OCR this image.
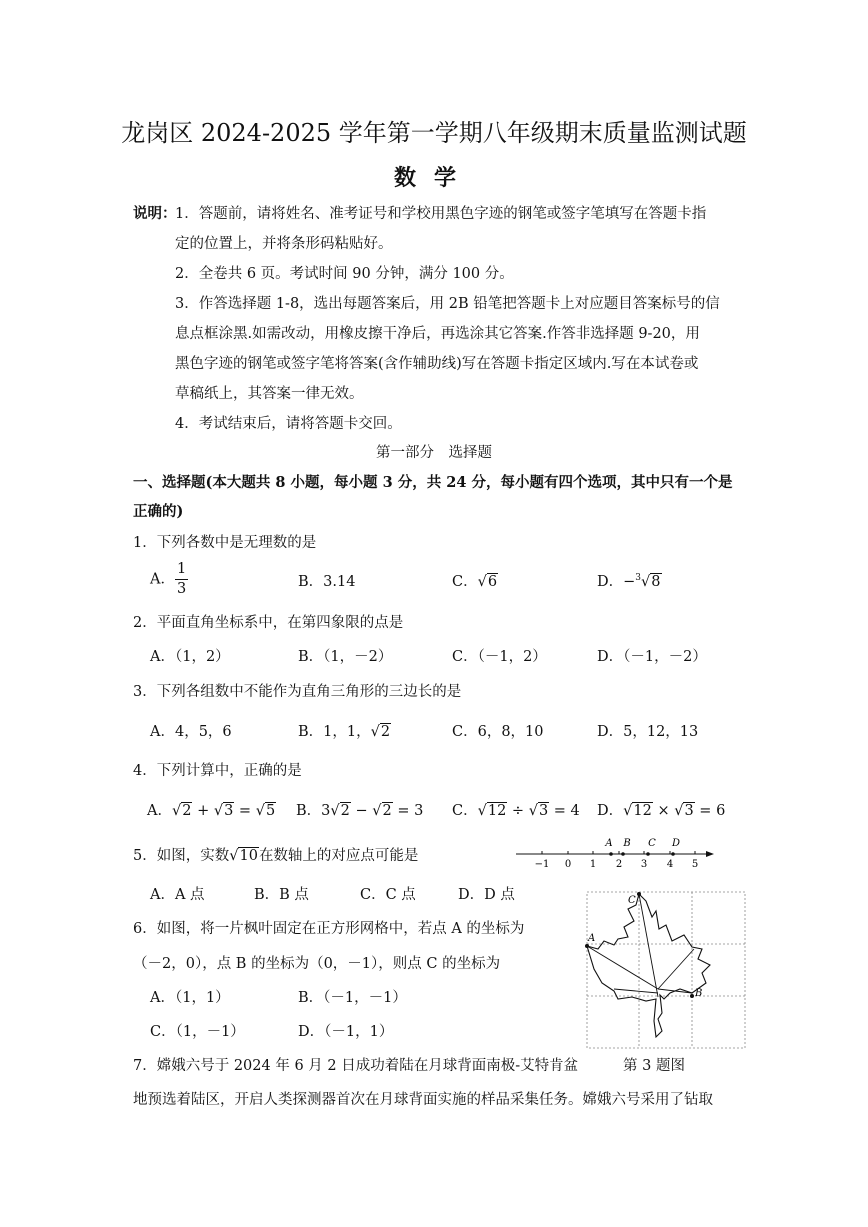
龙岗区 2024-2025 学年第一学期八年级期末质量监测试题
数学
说明：
1．答题前，请将姓名、准考证号和学校用黑色字迹的钢笔或签字笔填写在答题卡指
定的位置上，并将条形码粘贴好。
2．全卷共 6 页。考试时间 90 分钟，满分 100 分。
3．作答选择题 1-8，选出每题答案后，用 2B 铅笔把答题卡上对应题目答案标号的信
息点框涂黑.如需改动，用橡皮擦干净后，再选涂其它答案.作答非选择题 9-20，用
黑色字迹的钢笔或签字笔将答案(含作辅助线)写在答题卡指定区域内.写在本试卷或
草稿纸上，其答案一律无效。
4．考试结束后，请将答题卡交回。
第一部分　选择题
一、选择题(本大题共 8 小题，每小题 3 分，共 24 分，每小题有四个选项，其中只有一个是
正确的)
1．下列各数中是无理数的是
A． $\frac{1}{3}$	B．3.14	C．√6	D．−$^3$√8
2．平面直角坐标系中，在第四象限的点是
A．（1，2）	B．（1，－2）	C．（－1，2）	D．（－1，－2）
3．下列各组数中不能作为直角三角形的三边长的是
A．4，5，6	B．1，1，√2	C．6，8，10	D．5，12，13
4．下列计算中，正确的是
A．√2 + √3 = √5 B．3√2 − √2 = 3 C．√12 ÷ √3 = 4 D．√12 × √3 = 6
5．如图，实数√10在数轴上的对应点可能是
−1 0 1 2 3 4 5
A B C D
A．A 点	B．B 点	C．C 点	D．D 点
6．如图，将一片枫叶固定在正方形网格中，若点 A 的坐标为
（－2，0），点 B 的坐标为（0，－1），则点 C 的坐标为
A．（1，1）	B．（－1，－1）
C．（1，－1）	D．（－1，1）
C
A
B
第 3 题图
7．嫦娥六号于 2024 年 6 月 2 日成功着陆在月球背面南极-艾特肯盆
地预选着陆区，开启人类探测器首次在月球背面实施的样品采集任务。嫦娥六号采用了钻取
